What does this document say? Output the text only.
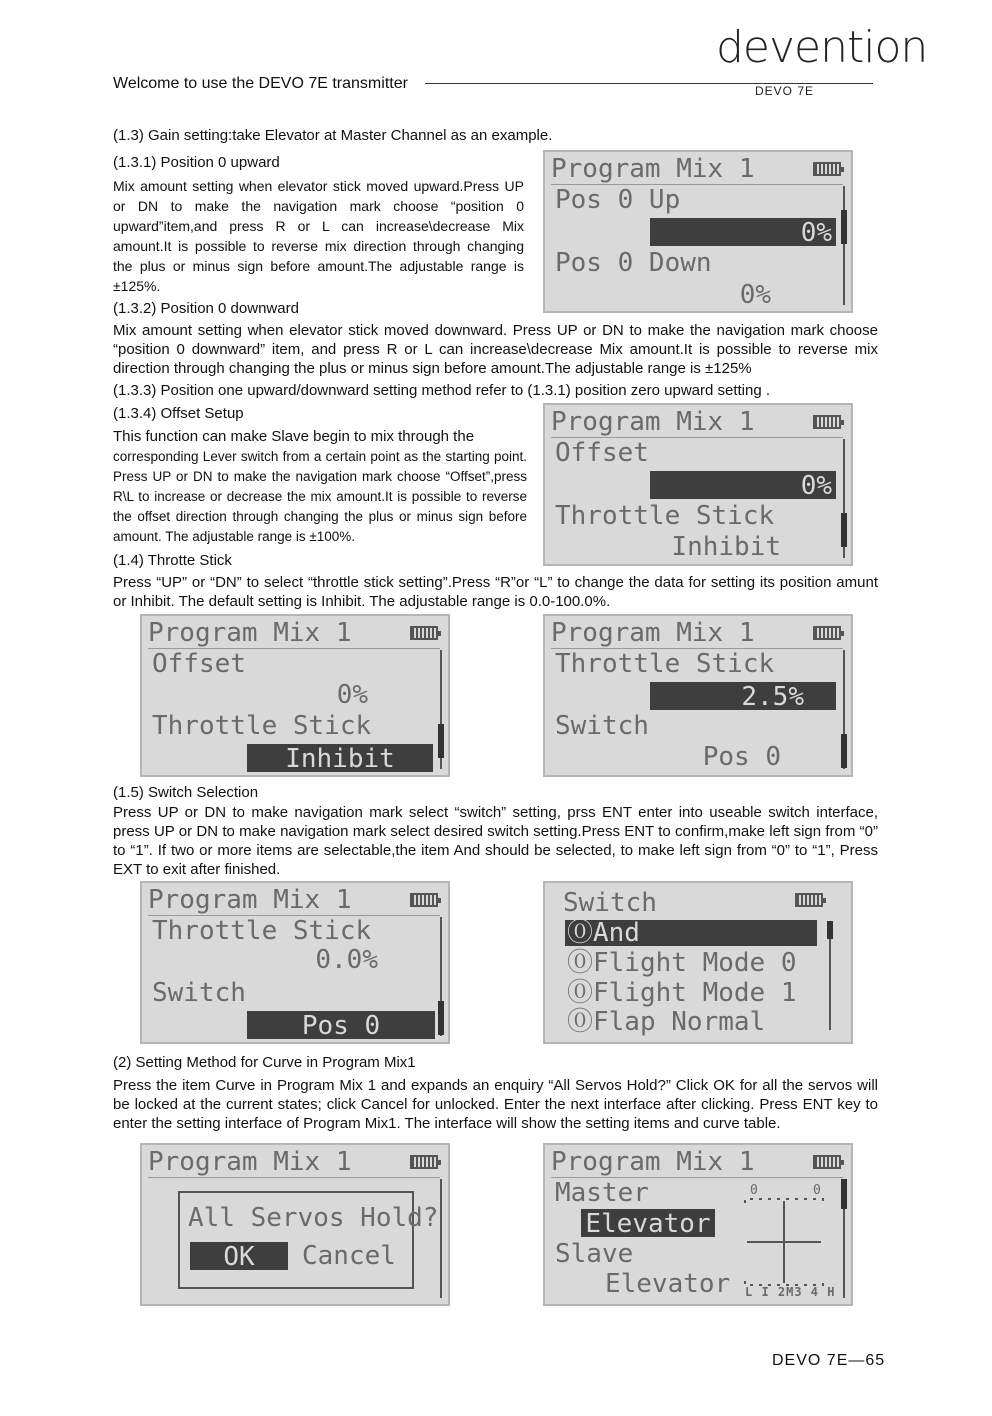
Welcome to use the DEVO 7E transmitter
devention
DEVO 7E
(1.3) Gain setting:take Elevator at Master Channel as an example.
(1.3.1) Position 0 upward
Mix amount setting when elevator stick moved upward.Press UP or DN to make the navigation mark choose “position 0 upward”item,and press R or L can increase\decrease Mix amount.It is possible to reverse mix direction through changing the plus or minus sign before amount.The adjustable range is ±125%.
(1.3.2) Position 0 downward
Mix amount setting when elevator stick moved downward. Press UP or DN to make the navigation mark choose “position 0 downward” item, and press R or L can increase\decrease Mix amount.It is possible to reverse mix direction through changing the plus or minus sign before amount.The adjustable range is ±125%
(1.3.3) Position one upward/downward setting method refer to (1.3.1) position zero upward setting .
(1.3.4) Offset Setup
This function can make Slave begin to mix through the
corresponding Lever switch from a certain point as the starting point. Press UP or DN to make the navigation mark choose “Offset”,press R\L to increase or decrease the mix amount.It is possible to reverse the offset direction through changing the plus or minus sign before amount. The adjustable range is ±100%.
(1.4) Throtte Stick
Press “UP” or “DN” to select “throttle stick setting”.Press “R”or “L” to change the data for setting its position amunt or Inhibit. The default setting is Inhibit. The adjustable range is 0.0-100.0%.
Program Mix 1
Pos 0 Up
0%
Pos 0 Down
0%
Program Mix 1
Offset
0%
Throttle Stick
Inhibit
Program Mix 1
Offset
0%
Throttle Stick
Inhibit
Program Mix 1
Throttle Stick
2.5%
Switch
Pos 0
(1.5) Switch Selection
Press UP or DN to make navigation mark select “switch” setting, prss ENT enter into useable switch interface, press UP or DN to make navigation mark select desired switch setting.Press ENT to confirm,make left sign from “0” to “1”. If two or more items are selectable,the item And should be selected, to make left sign from “0” to “1”, Press EXT to exit after finished.
Program Mix 1
Throttle Stick
0.0%
Switch
Pos 0
Switch
⓪And
⓪Flight Mode 0
⓪Flight Mode 1
⓪Flap Normal
(2) Setting Method for Curve in Program Mix1
Press the item Curve in Program Mix 1 and expands an enquiry “All Servos Hold?” Click OK for all the servos will be locked at the current states; click Cancel for unlocked. Enter the next interface after clicking. Press ENT key to enter the setting interface of Program Mix1. The interface will show the setting items and curve table.
Program Mix 1
All Servos Hold?
OK	Cancel
Program Mix 1
Master
Elevator
Slave
Elevator
0	0
L I 2M3 4 H
DEVO 7E—65
